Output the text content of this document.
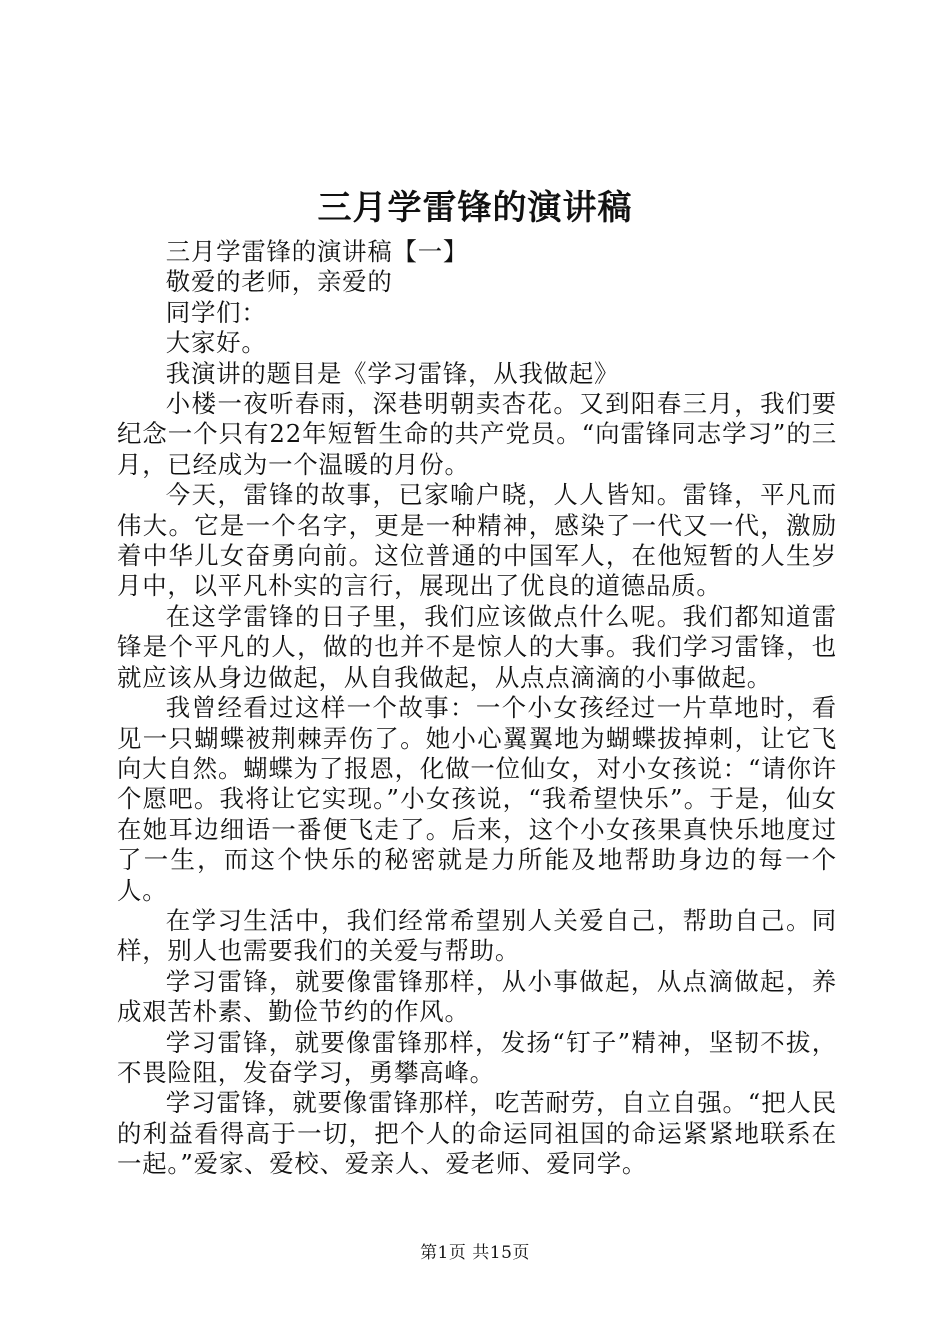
三月学雷锋的演讲稿

三月学雷锋的演讲稿【一】

敬爱的老师，亲爱的

同学们：

大家好。

我演讲的题目是《学习雷锋，从我做起》

小楼一夜听春雨，深巷明朝卖杏花。又到阳春三月，我们要纪念一个只有22年短暂生命的共产党员。“向雷锋同志学习”的三月，已经成为一个温暖的月份。

今天，雷锋的故事，已家喻户晓，人人皆知。雷锋，平凡而伟大。它是一个名字，更是一种精神，感染了一代又一代，激励着中华儿女奋勇向前。这位普通的中国军人，在他短暂的人生岁月中，以平凡朴实的言行，展现出了优良的道德品质。

在这学雷锋的日子里，我们应该做点什么呢。我们都知道雷锋是个平凡的人，做的也并不是惊人的大事。我们学习雷锋，也就应该从身边做起，从自我做起，从点点滴滴的小事做起。

我曾经看过这样一个故事：一个小女孩经过一片草地时，看见一只蝴蝶被荆棘弄伤了。她小心翼翼地为蝴蝶拔掉刺，让它飞向大自然。蝴蝶为了报恩，化做一位仙女，对小女孩说：“请你许个愿吧。我将让它实现。”小女孩说，“我希望快乐”。于是，仙女在她耳边细语一番便飞走了。后来，这个小女孩果真快乐地度过了一生，而这个快乐的秘密就是力所能及地帮助身边的每一个人。

在学习生活中，我们经常希望别人关爱自己，帮助自己。同样，别人也需要我们的关爱与帮助。

学习雷锋，就要像雷锋那样，从小事做起，从点滴做起，养成艰苦朴素、勤俭节约的作风。

学习雷锋，就要像雷锋那样，发扬“钉子”精神，坚韧不拔，不畏险阻，发奋学习，勇攀高峰。

学习雷锋，就要像雷锋那样，吃苦耐劳，自立自强。“把人民的利益看得高于一切，把个人的命运同祖国的命运紧紧地联系在一起。”爱家、爱校、爱亲人、爱老师、爱同学。

第1页 共15页
